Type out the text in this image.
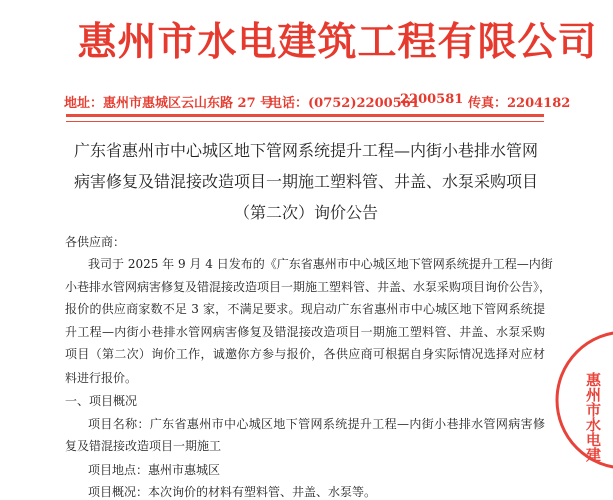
惠州市水电建筑工程有限公司
地址：惠州市惠城区云山东路 27 号
电话：(0752)2200561
2200581 传真：2204182
广东省惠州市中心城区地下管网系统提升工程—内街小巷排水管网
病害修复及错混接改造项目一期施工塑料管、井盖、水泵采购项目
（第二次）询价公告
各供应商：
我司于 2025 年 9 月 4 日发布的《广东省惠州市中心城区地下管网系统提升工程—内街
小巷排水管网病害修复及错混接改造项目一期施工塑料管、井盖、水泵采购项目询价公告》，
报价的供应商家数不足 3 家，不满足要求。现启动广东省惠州市中心城区地下管网系统提
升工程—内街小巷排水管网病害修复及错混接改造项目一期施工塑料管、井盖、水泵采购
项目（第二次）询价工作，诚邀你方参与报价，各供应商可根据自身实际情况选择对应材
料进行报价。
一、项目概况
项目名称：广东省惠州市中心城区地下管网系统提升工程—内街小巷排水管网病害修
复及错混接改造项目一期施工
项目地点：惠州市惠城区
项目概况：本次询价的材料有塑料管、井盖、水泵等。
惠州市水电建
